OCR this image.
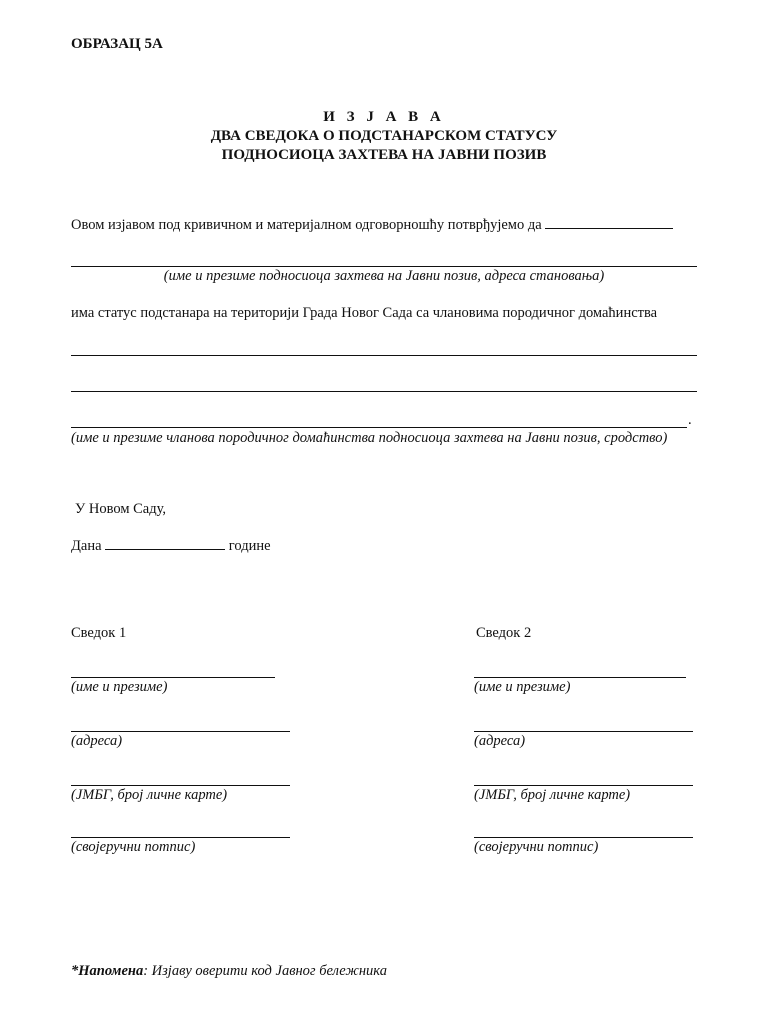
ОБРАЗАЦ 5А
И З Ј А В А
ДВА СВЕДОКА О ПОДСТАНАРСКОМ СТАТУСУ
ПОДНОСИОЦА ЗАХТЕВА НА ЈАВНИ ПОЗИВ
Овом изјавом под кривичном и материјалном одговорношћу потврђујемо да
(име и презиме подносиоца захтева на Јавни позив, адреса становања)
има статус подстанара на територији Града Новог Сада са члановима породичног домаћинства
.
(име и презиме чланова породичног домаћинства подносиоца захтева на Јавни позив, сродство)
У Новом Саду,
Дана	године
Сведок 1
(име и презиме)
(адреса)
(ЈМБГ, број личне карте)
(својеручни потпис)
Сведок 2
(име и презиме)
(адреса)
(ЈМБГ, број личне карте)
(својеручни потпис)
*Напомена: Изјаву оверити код Јавног бележника
